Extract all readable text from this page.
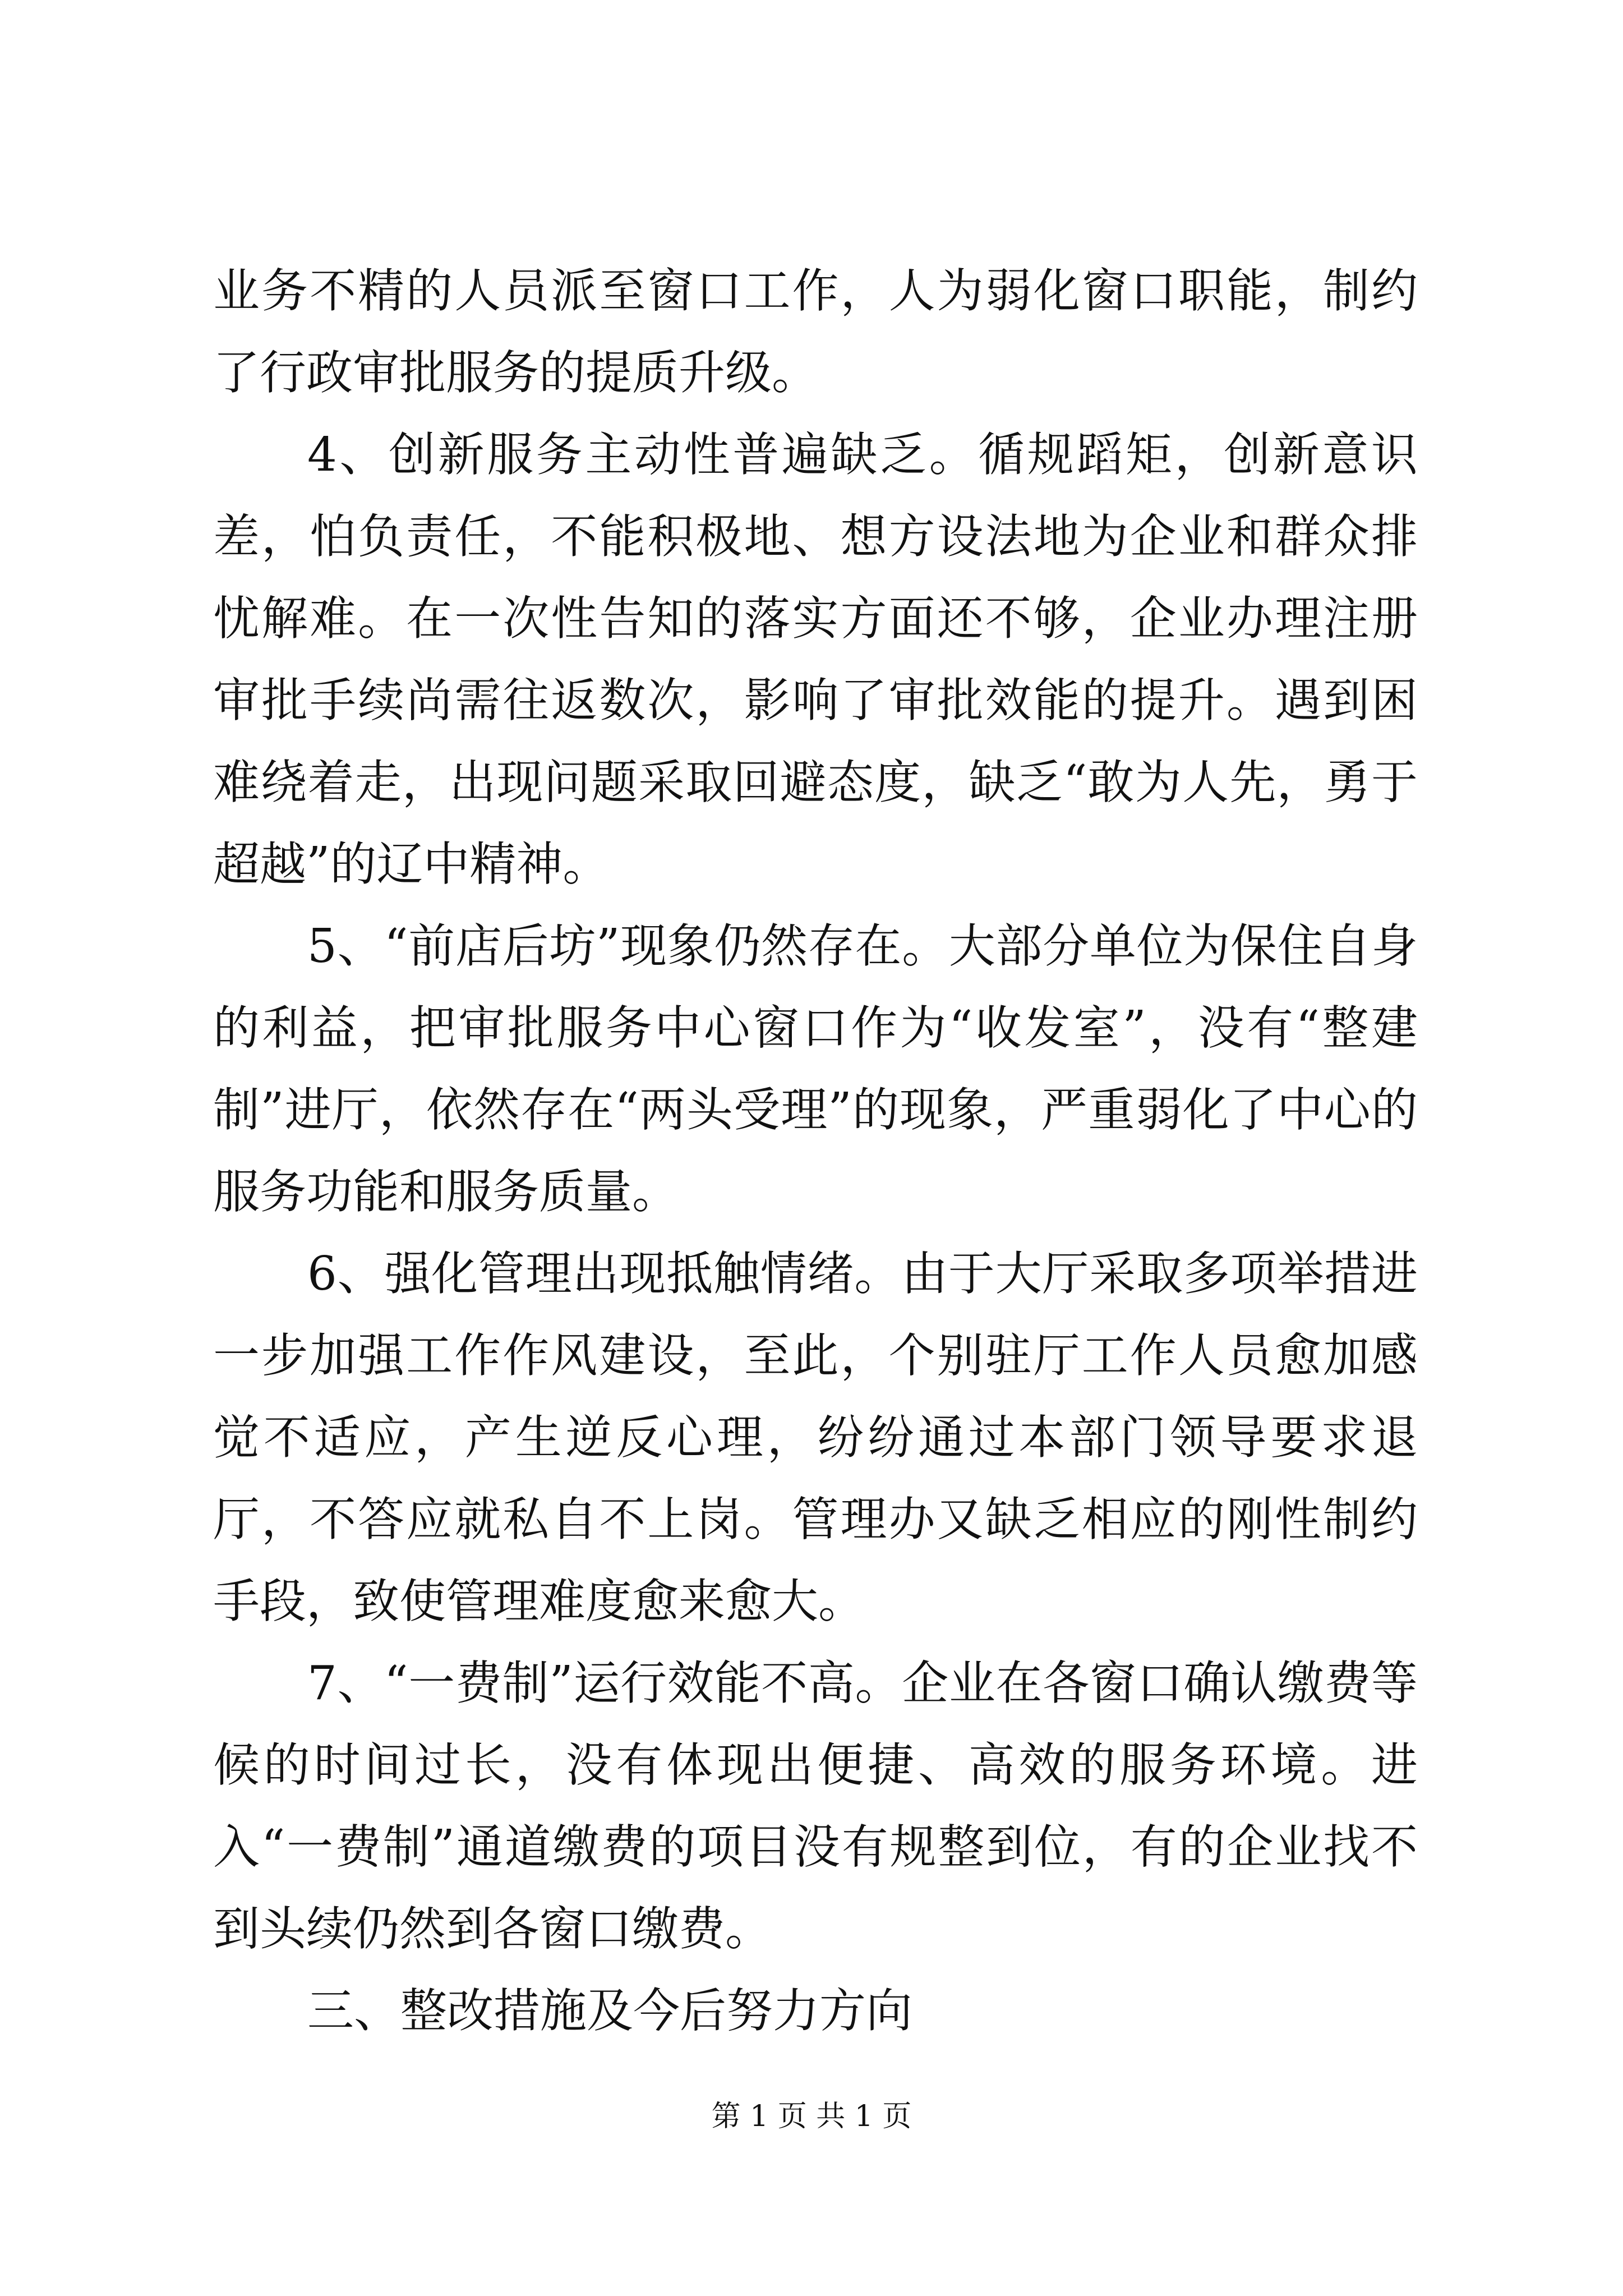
业务不精的人员派至窗口工作，人为弱化窗口职能，制约了行政审批服务的提质升级。

4、创新服务主动性普遍缺乏。循规蹈矩，创新意识差，怕负责任，不能积极地、想方设法地为企业和群众排忧解难。在一次性告知的落实方面还不够，企业办理注册审批手续尚需往返数次，影响了审批效能的提升。遇到困难绕着走，出现问题采取回避态度，缺乏“敢为人先，勇于超越”的辽中精神。

5、“前店后坊”现象仍然存在。大部分单位为保住自身的利益，把审批服务中心窗口作为“收发室”，没有“整建制”进厅，依然存在“两头受理”的现象，严重弱化了中心的服务功能和服务质量。

6、强化管理出现抵触情绪。由于大厅采取多项举措进一步加强工作作风建设，至此，个别驻厅工作人员愈加感觉不适应，产生逆反心理，纷纷通过本部门领导要求退厅，不答应就私自不上岗。管理办又缺乏相应的刚性制约手段，致使管理难度愈来愈大。

7、“一费制”运行效能不高。企业在各窗口确认缴费等候的时间过长，没有体现出便捷、高效的服务环境。进入“一费制”通道缴费的项目没有规整到位，有的企业找不到头续仍然到各窗口缴费。

三、整改措施及今后努力方向

第 1 页 共 1 页
